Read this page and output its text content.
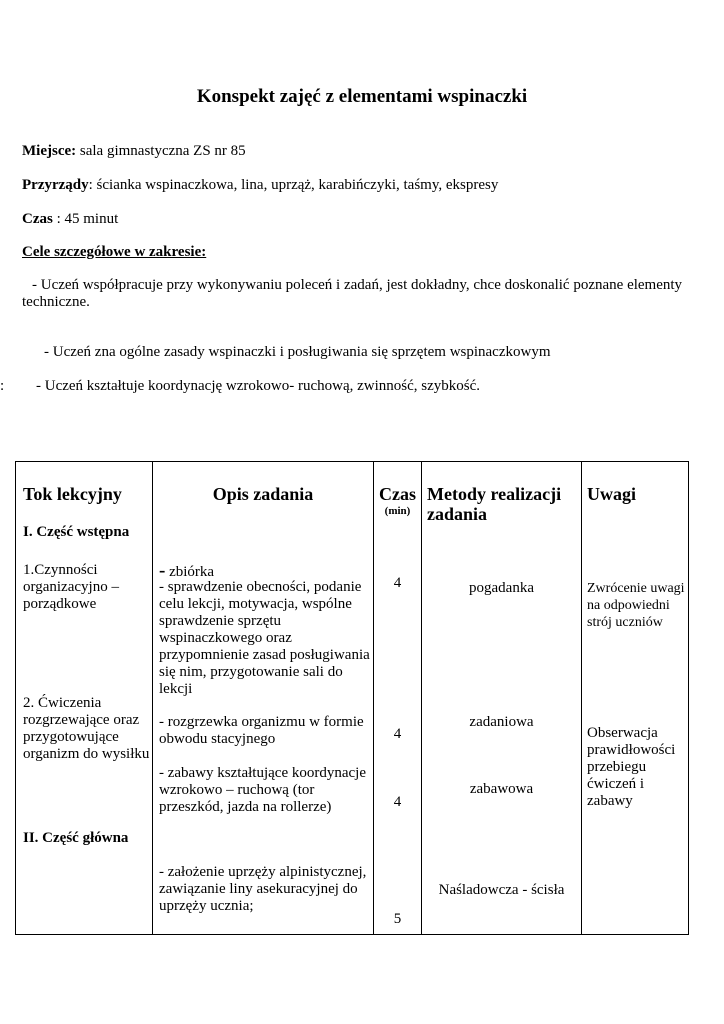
Konspekt zajęć z elementami wspinaczki
Miejsce: sala gimnastyczna ZS nr 85
Przyrządy: ścianka wspinaczkowa, lina, uprząż, karabińczyki, taśmy, ekspresy
Czas : 45 minut
Cele szczegółowe w zakresie:
- Uczeń współpracuje przy wykonywaniu poleceń i zadań, jest dokładny, chce doskonalić poznane elementy
techniczne.
- Uczeń zna ogólne zasady wspinaczki i posługiwania się sprzętem wspinaczkowym
: - Uczeń kształtuje koordynację wzrokowo- ruchową, zwinność, szybkość.
Tok lekcyjny	Opis zadania	Czas
(min)
Metody realizacji
zadania
Uwagi
I. Część wstępna
1.Czynności
organizacyjno –
porządkowe
2. Ćwiczenia
rozgrzewające oraz
przygotowujące
organizm do wysiłku
II. Część główna
- zbiórka
- sprawdzenie obecności, podanie
celu lekcji, motywacja, wspólne
sprawdzenie sprzętu
wspinaczkowego oraz
przypomnienie zasad posługiwania
się nim, przygotowanie sali do
lekcji
- rozgrzewka organizmu w formie
obwodu stacyjnego
- zabawy kształtujące koordynacje
wzrokowo – ruchową (tor
przeszkód, jazda na rollerze)
- założenie uprzęży alpinistycznej,
zawiązanie liny asekuracyjnej do
uprzęży ucznia;
4
4
4
5
pogadanka
zadaniowa
zabawowa
Naśladowcza - ścisła
Zwrócenie uwagi
na odpowiedni
strój uczniów
Obserwacja
prawidłowości
przebiegu
ćwiczeń i
zabawy
